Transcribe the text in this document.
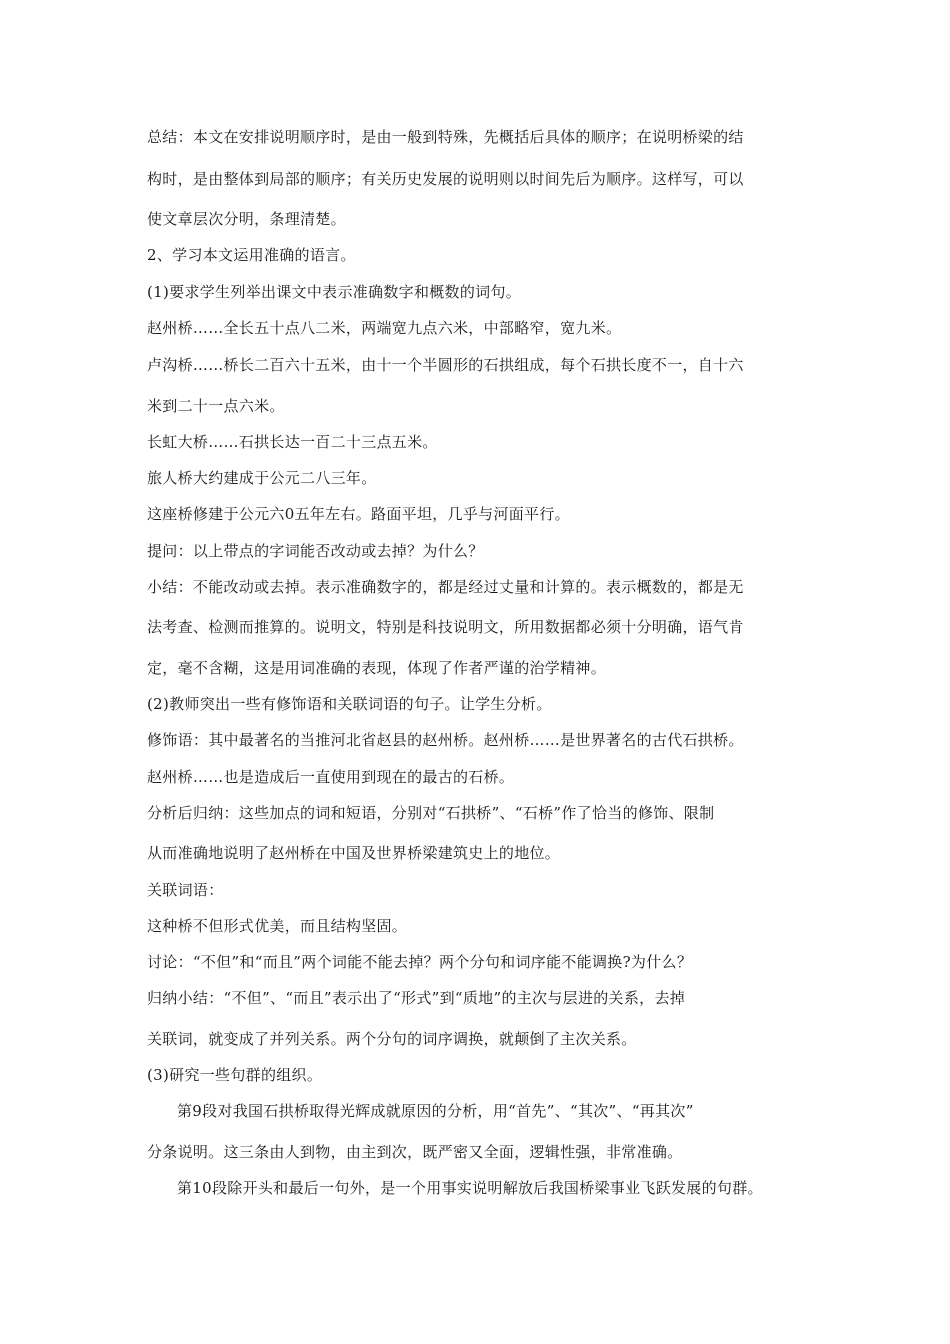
总结：本文在安排说明顺序时，是由一般到特殊，先概括后具体的顺序；在说明桥梁的结
构时，是由整体到局部的顺序；有关历史发展的说明则以时间先后为顺序。这样写，可以
使文章层次分明，条理清楚。
2、学习本文运用准确的语言。
(1)要求学生列举出课文中表示准确数字和概数的词句。
赵州桥……全长五十点八二米，两端宽九点六米，中部略窄，宽九米。
卢沟桥……桥长二百六十五米，由十一个半圆形的石拱组成，每个石拱长度不一，自十六
米到二十一点六米。
长虹大桥……石拱长达一百二十三点五米。
旅人桥大约建成于公元二八三年。
这座桥修建于公元六0五年左右。路面平坦，几乎与河面平行。
提问：以上带点的字词能否改动或去掉？为什么？
小结：不能改动或去掉。表示准确数字的，都是经过丈量和计算的。表示概数的，都是无
法考查、检测而推算的。说明文，特别是科技说明文，所用数据都必须十分明确，语气肯
定，毫不含糊，这是用词准确的表现，体现了作者严谨的治学精神。
(2)教师突出一些有修饰语和关联词语的句子。让学生分析。
修饰语：其中最著名的当推河北省赵县的赵州桥。赵州桥……是世界著名的古代石拱桥。
赵州桥……也是造成后一直使用到现在的最古的石桥。
分析后归纳：这些加点的词和短语，分别对“石拱桥”、“石桥”作了恰当的修饰、限制
从而准确地说明了赵州桥在中国及世界桥梁建筑史上的地位。
关联词语：
这种桥不但形式优美，而且结构坚固。
讨论：“不但”和“而且”两个词能不能去掉？两个分句和词序能不能调换?为什么？
归纳小结：“不但”、“而且”表示出了“形式”到“质地”的主次与层进的关系，去掉
关联词，就变成了并列关系。两个分句的词序调换，就颠倒了主次关系。
(3)研究一些句群的组织。
第9段对我国石拱桥取得光辉成就原因的分析，用“首先”、“其次”、“再其次”
分条说明。这三条由人到物，由主到次，既严密又全面，逻辑性强，非常准确。
第10段除开头和最后一句外，是一个用事实说明解放后我国桥梁事业飞跃发展的句群。
